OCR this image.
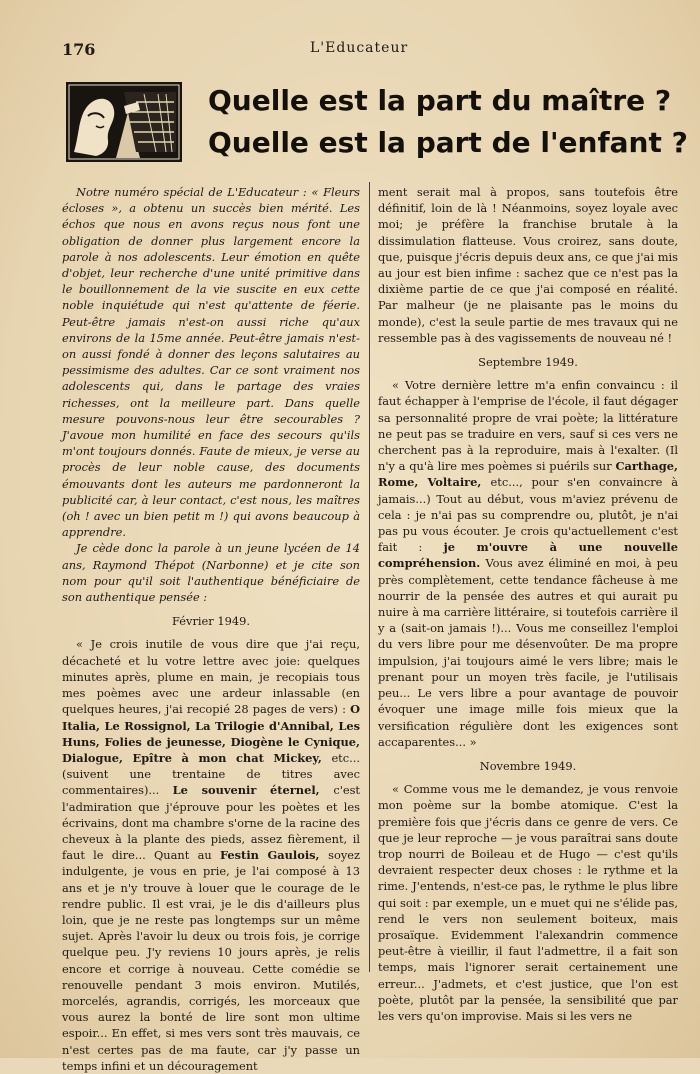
176	L'Educateur
Quelle est la part du maître ?
Quelle est la part de l'enfant ?

Notre numéro spécial de L'Educateur : « Fleurs écloses », a obtenu un succès bien mérité. Les échos que nous en avons reçus nous font une obligation de donner plus largement encore la parole à nos adolescents. Leur émotion en quête d'objet, leur recherche d'une unité primitive dans le bouillonnement de la vie suscite en eux cette noble inquiétude qui n'est qu'attente de féerie. Peut-être jamais n'est-on aussi riche qu'aux environs de la 15me année. Peut-être jamais n'est-on aussi fondé à donner des leçons salutaires au pessimisme des adultes. Car ce sont vraiment nos adolescents qui, dans le partage des vraies richesses, ont la meilleure part. Dans quelle mesure pouvons-nous leur être secourables ? J'avoue mon humilité en face des secours qu'ils m'ont toujours donnés. Faute de mieux, je verse au procès de leur noble cause, des documents émouvants dont les auteurs me pardonneront la publicité car, à leur contact, c'est nous, les maîtres (oh ! avec un bien petit m !) qui avons beaucoup à apprendre.

Je cède donc la parole à un jeune lycéen de 14 ans, Raymond Thépot (Narbonne) et je cite son nom pour qu'il soit l'authentique bénéficiaire de son authentique pensée :

Février 1949.

« Je crois inutile de vous dire que j'ai reçu, décacheté et lu votre lettre avec joie: quelques minutes après, plume en main, je recopiais tous mes poèmes avec une ardeur inlassable (en quelques heures, j'ai recopié 28 pages de vers) : O Italia, Le Rossignol, La Trilogie d'Annibal, Les Huns, Folies de jeunesse, Diogène le Cynique, Dialogue, Epître à mon chat Mickey, etc... (suivent une trentaine de titres avec commentaires)... Le souvenir éternel, c'est l'admiration que j'éprouve pour les poètes et les écrivains, dont ma chambre s'orne de la racine des cheveux à la plante des pieds, assez fièrement, il faut le dire... Quant au Festin Gaulois, soyez indulgente, je vous en prie, je l'ai composé à 13 ans et je n'y trouve à louer que le courage de le rendre public. Il est vrai, je le dis d'ailleurs plus loin, que je ne reste pas longtemps sur un même sujet. Après l'avoir lu deux ou trois fois, je corrige quelque peu. J'y reviens 10 jours après, je relis encore et corrige à nouveau. Cette comédie se renouvelle pendant 3 mois environ. Mutilés, morcelés, agrandis, corrigés, les morceaux que vous aurez la bonté de lire sont mon ultime espoir... En effet, si mes vers sont très mauvais, ce n'est certes pas de ma faute, car j'y passe un temps infini et un découragement

ment serait mal à propos, sans toutefois être définitif, loin de là ! Néanmoins, soyez loyale avec moi; je préfère la franchise brutale à la dissimulation flatteuse. Vous croirez, sans doute, que, puisque j'écris depuis deux ans, ce que j'ai mis au jour est bien infime : sachez que ce n'est pas la dixième partie de ce que j'ai composé en réalité. Par malheur (je ne plaisante pas le moins du monde), c'est la seule partie de mes travaux qui ne ressemble pas à des vagissements de nouveau né !

Septembre 1949.

« Votre dernière lettre m'a enfin convaincu : il faut échapper à l'emprise de l'école, il faut dégager sa personnalité propre de vrai poète; la littérature ne peut pas se traduire en vers, sauf si ces vers ne cherchent pas à la reproduire, mais à l'exalter. (Il n'y a qu'à lire mes poèmes si puérils sur Carthage, Rome, Voltaire, etc..., pour s'en convaincre à jamais...) Tout au début, vous m'aviez prévenu de cela : je n'ai pas su comprendre ou, plutôt, je n'ai pas pu vous écouter. Je crois qu'actuellement c'est fait : je m'ouvre à une nouvelle compréhension. Vous avez éliminé en moi, à peu près complètement, cette tendance fâcheuse à me nourrir de la pensée des autres et qui aurait pu nuire à ma carrière littéraire, si toutefois carrière il y a (sait-on jamais !)... Vous me conseillez l'emploi du vers libre pour me désenvoûter. De ma propre impulsion, j'ai toujours aimé le vers libre; mais le prenant pour un moyen très facile, je l'utilisais peu... Le vers libre a pour avantage de pouvoir évoquer une image mille fois mieux que la versification régulière dont les exigences sont accaparentes... »

Novembre 1949.

« Comme vous me le demandez, je vous renvoie mon poème sur la bombe atomique. C'est la première fois que j'écris dans ce genre de vers. Ce que je leur reproche — je vous paraîtrai sans doute trop nourri de Boileau et de Hugo — c'est qu'ils devraient respecter deux choses : le rythme et la rime. J'entends, n'est-ce pas, le rythme le plus libre qui soit : par exemple, un e muet qui ne s'élide pas, rend le vers non seulement boiteux, mais prosaïque. Evidemment l'alexandrin commence peut-être à vieillir, il faut l'admettre, il a fait son temps, mais l'ignorer serait certainement une erreur... J'admets, et c'est justice, que l'on est poète, plutôt par la pensée, la sensibilité que par les vers qu'on improvise. Mais si les vers ne
